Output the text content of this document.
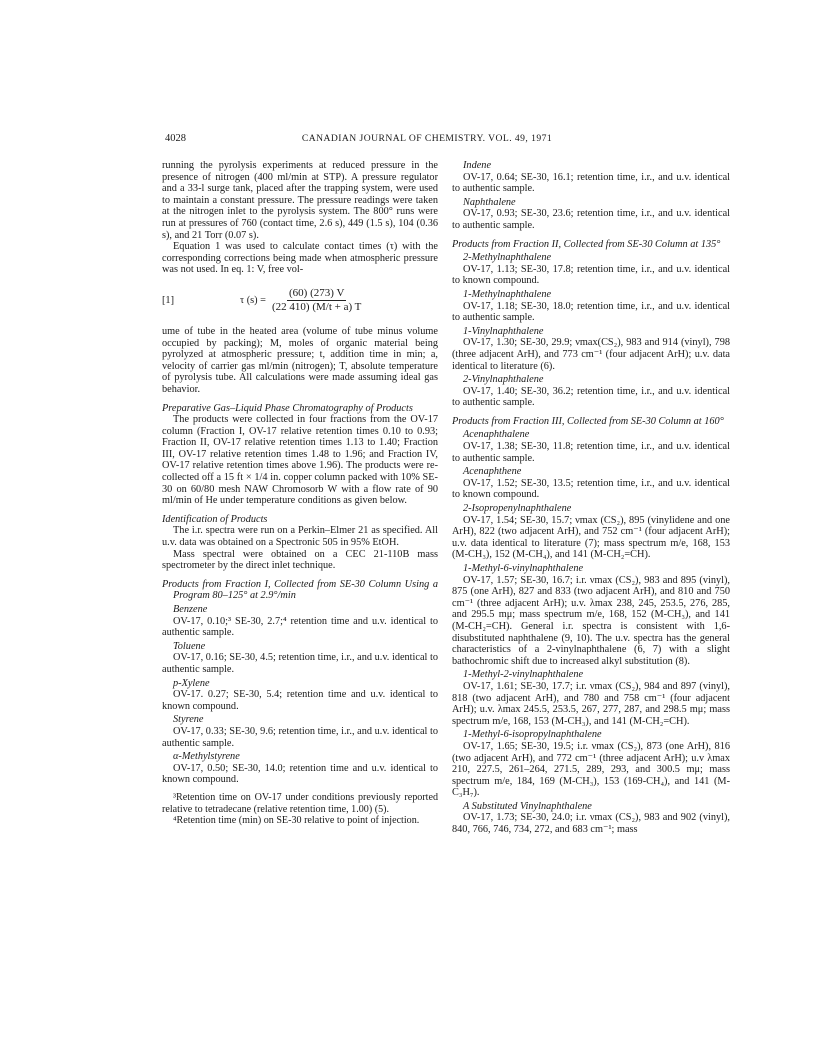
4028	CANADIAN JOURNAL OF CHEMISTRY. VOL. 49, 1971

running the pyrolysis experiments at reduced pressure in the presence of nitrogen (400 ml/min at STP). A pressure regulator and a 33-l surge tank, placed after the trapping system, were used to maintain a constant pressure. The pressure readings were taken at the nitrogen inlet to the pyrolysis system. The 800° runs were run at pressures of 760 (contact time, 2.6 s), 449 (1.5 s), 104 (0.36 s), and 21 Torr (0.07 s).

Equation 1 was used to calculate contact times (τ) with the corresponding corrections being made when atmospheric pressure was not used. In eq. 1: V, free vol-

[1]	τ $(s) = \frac{(60) (273) V}{(22 410) (M/t + a) T}$

ume of tube in the heated area (volume of tube minus volume occupied by packing); M, moles of organic material being pyrolyzed at atmospheric pressure; t, addition time in min; a, velocity of carrier gas ml/min (nitrogen); T, absolute temperature of pyrolysis tube. All calculations were made assuming ideal gas behavior.

Preparative Gas–Liquid Phase Chromatography of Products

The products were collected in four fractions from the OV-17 column (Fraction I, OV-17 relative retention times 0.10 to 0.93; Fraction II, OV-17 relative retention times 1.13 to 1.40; Fraction III, OV-17 relative retention times 1.48 to 1.96; and Fraction IV, OV-17 relative retention times above 1.96). The products were re-collected off a 15 ft × 1/4 in. copper column packed with 10% SE-30 on 60/80 mesh NAW Chromosorb W with a flow rate of 90 ml/min of He under temperature conditions as given below.

Identification of Products

The i.r. spectra were run on a Perkin–Elmer 21 as specified. All u.v. data was obtained on a Spectronic 505 in 95% EtOH.

Mass spectral were obtained on a CEC 21-110B mass spectrometer by the direct inlet technique.

Products from Fraction I, Collected from SE-30 Column Using a Program 80–125° at 2.9°/min

Benzene

OV-17, 0.10;³ SE-30, 2.7;⁴ retention time and u.v. identical to authentic sample.

Toluene

OV-17, 0.16; SE-30, 4.5; retention time, i.r., and u.v. identical to authentic sample.

p-Xylene

OV-17. 0.27; SE-30, 5.4; retention time and u.v. identical to known compound.

Styrene

OV-17, 0.33; SE-30, 9.6; retention time, i.r., and u.v. identical to authentic sample.

α-Methylstyrene

OV-17, 0.50; SE-30, 14.0; retention time and u.v. identical to known compound.

³Retention time on OV-17 under conditions previously reported relative to tetradecane (relative retention time, 1.00) (5).

⁴Retention time (min) on SE-30 relative to point of injection.

Indene

OV-17, 0.64; SE-30, 16.1; retention time, i.r., and u.v. identical to authentic sample.

Naphthalene

OV-17, 0.93; SE-30, 23.6; retention time, i.r., and u.v. identical to authentic sample.

Products from Fraction II, Collected from SE-30 Column at 135°

2-Methylnaphthalene

OV-17, 1.13; SE-30, 17.8; retention time, i.r., and u.v. identical to known compound.

1-Methylnaphthalene

OV-17, 1.18; SE-30, 18.0; retention time, i.r., and u.v. identical to authentic sample.

1-Vinylnaphthalene

OV-17, 1.30; SE-30, 29.9; νmax(CS₂), 983 and 914 (vinyl), 798 (three adjacent ArH), and 773 cm⁻¹ (four adjacent ArH); u.v. data identical to literature (6).

2-Vinylnaphthalene

OV-17, 1.40; SE-30, 36.2; retention time, i.r., and u.v. identical to authentic sample.

Products from Fraction III, Collected from SE-30 Column at 160°

Acenaphthalene

OV-17, 1.38; SE-30, 11.8; retention time, i.r., and u.v. identical to authentic sample.

Acenaphthene

OV-17, 1.52; SE-30, 13.5; retention time, i.r., and u.v. identical to known compound.

2-Isopropenylnaphthalene

OV-17, 1.54; SE-30, 15.7; νmax (CS₂), 895 (vinylidene and one ArH), 822 (two adjacent ArH), and 752 cm⁻¹ (four adjacent ArH); u.v. data identical to literature (7); mass spectrum m/e, 168, 153 (M-CH₃), 152 (M-CH₄), and 141 (M-CH₂=CH).

1-Methyl-6-vinylnaphthalene

OV-17, 1.57; SE-30, 16.7; i.r. νmax (CS₂), 983 and 895 (vinyl), 875 (one ArH), 827 and 833 (two adjacent ArH), and 810 and 750 cm⁻¹ (three adjacent ArH); u.v. λmax 238, 245, 253.5, 276, 285, and 295.5 mμ; mass spectrum m/e, 168, 152 (M-CH₃), and 141 (M-CH₂=CH). General i.r. spectra is consistent with 1,6-disubstituted naphthalene (9, 10). The u.v. spectra has the general characteristics of a 2-vinylnaphthalene (6, 7) with a slight bathochromic shift due to increased alkyl substitution (8).

1-Methyl-2-vinylnaphthalene

OV-17, 1.61; SE-30, 17.7; i.r. νmax (CS₂), 984 and 897 (vinyl), 818 (two adjacent ArH), and 780 and 758 cm⁻¹ (four adjacent ArH); u.v. λmax 245.5, 253.5, 267, 277, 287, and 298.5 mμ; mass spectrum m/e, 168, 153 (M-CH₃), and 141 (M-CH₂=CH).

1-Methyl-6-isopropylnaphthalene

OV-17, 1.65; SE-30, 19.5; i.r. νmax (CS₂), 873 (one ArH), 816 (two adjacent ArH), and 772 cm⁻¹ (three adjacent ArH); u.v λmax 210, 227.5, 261–264, 271.5, 289, 293, and 300.5 mμ; mass spectrum m/e, 184, 169 (M-CH₃), 153 (169-CH₄), and 141 (M-C₃H₇).

A Substituted Vinylnaphthalene

OV-17, 1.73; SE-30, 24.0; i.r. νmax (CS₂), 983 and 902 (vinyl), 840, 766, 746, 734, 272, and 683 cm⁻¹; mass
